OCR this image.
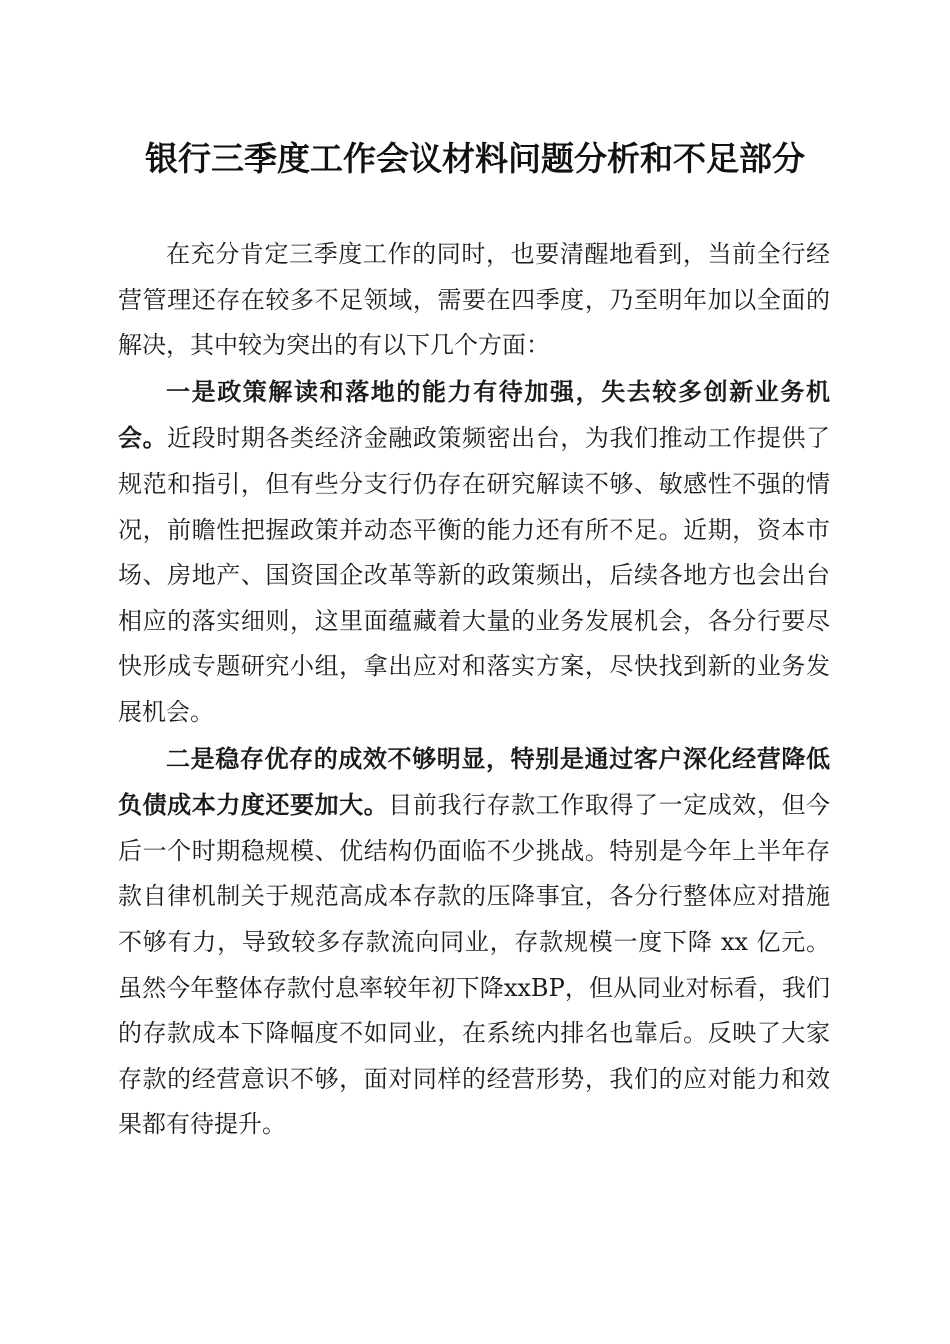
银行三季度工作会议材料问题分析和不足部分

在充分肯定三季度工作的同时，也要清醒地看到，当前全行经营管理还存在较多不足领域，需要在四季度，乃至明年加以全面的解决，其中较为突出的有以下几个方面：

一是政策解读和落地的能力有待加强，失去较多创新业务机会。近段时期各类经济金融政策频密出台，为我们推动工作提供了规范和指引，但有些分支行仍存在研究解读不够、敏感性不强的情况，前瞻性把握政策并动态平衡的能力还有所不足。近期，资本市场、房地产、国资国企改革等新的政策频出，后续各地方也会出台相应的落实细则，这里面蕴藏着大量的业务发展机会，各分行要尽快形成专题研究小组，拿出应对和落实方案，尽快找到新的业务发展机会。

二是稳存优存的成效不够明显，特别是通过客户深化经营降低负债成本力度还要加大。目前我行存款工作取得了一定成效，但今后一个时期稳规模、优结构仍面临不少挑战。特别是今年上半年存款自律机制关于规范高成本存款的压降事宜，各分行整体应对措施不够有力，导致较多存款流向同业，存款规模一度下降 xx 亿元。虽然今年整体存款付息率较年初下降xxBP，但从同业对标看，我们的存款成本下降幅度不如同业，在系统内排名也靠后。反映了大家存款的经营意识不够，面对同样的经营形势，我们的应对能力和效果都有待提升。
